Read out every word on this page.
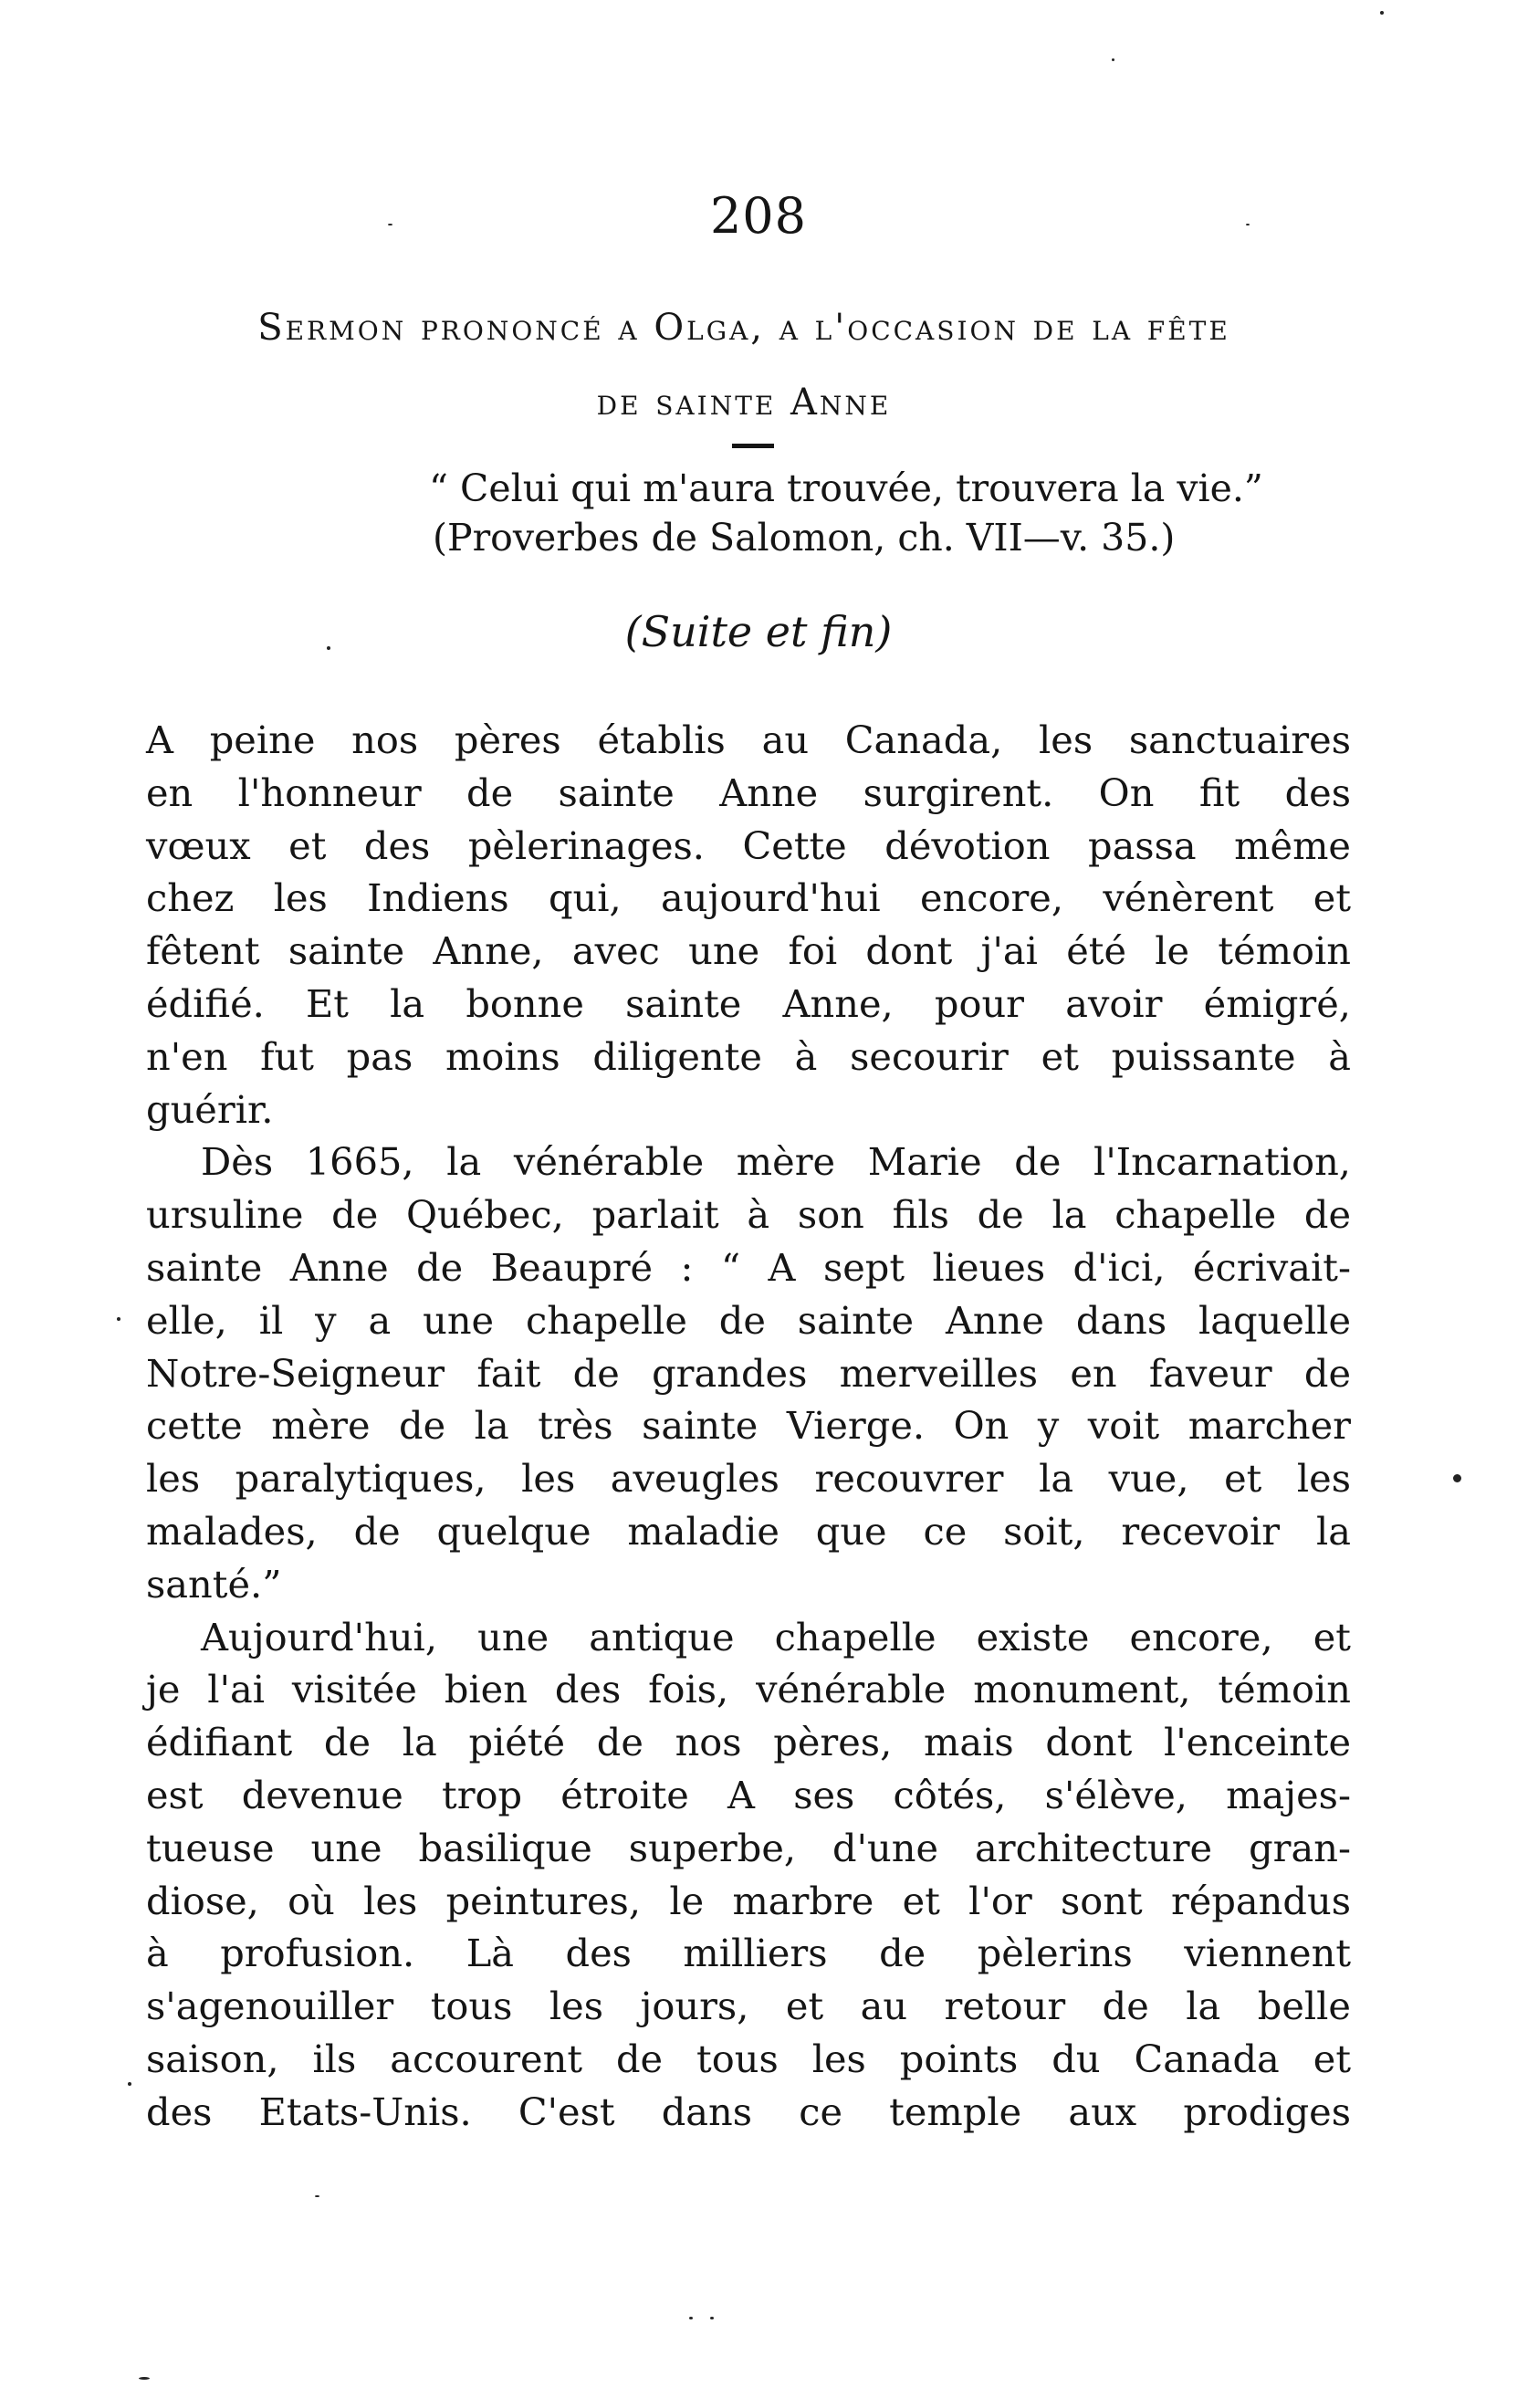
208
Sermon prononcé a Olga, a l'occasion de la fête
de sainte Anne
“ Celui qui m'aura trouvée, trouvera la vie.”
(Proverbes de Salomon, ch. VII—v. 35.)
(Suite et fin)
A peine nos pères établis au Canada, les sanctuaires
en l'honneur de sainte Anne surgirent. On fit des
vœux et des pèlerinages. Cette dévotion passa même
chez les Indiens qui, aujourd'hui encore, vénèrent et
fêtent sainte Anne, avec une foi dont j'ai été le témoin
édifié. Et la bonne sainte Anne, pour avoir émigré,
n'en fut pas moins diligente à secourir et puissante à
guérir.
Dès 1665, la vénérable mère Marie de l'Incarnation,
ursuline de Québec, parlait à son fils de la chapelle de
sainte Anne de Beaupré : “ A sept lieues d'ici, écrivait-
elle, il y a une chapelle de sainte Anne dans laquelle
Notre-Seigneur fait de grandes merveilles en faveur de
cette mère de la très sainte Vierge. On y voit marcher
les paralytiques, les aveugles recouvrer la vue, et les
malades, de quelque maladie que ce soit, recevoir la
santé.”
Aujourd'hui, une antique chapelle existe encore, et
je l'ai visitée bien des fois, vénérable monument, témoin
édifiant de la piété de nos pères, mais dont l'enceinte
est devenue trop étroite A ses côtés, s'élève, majes-
tueuse une basilique superbe, d'une architecture gran-
diose, où les peintures, le marbre et l'or sont répandus
à profusion. Là des milliers de pèlerins viennent
s'agenouiller tous les jours, et au retour de la belle
saison, ils accourent de tous les points du Canada et
des Etats-Unis. C'est dans ce temple aux prodiges
